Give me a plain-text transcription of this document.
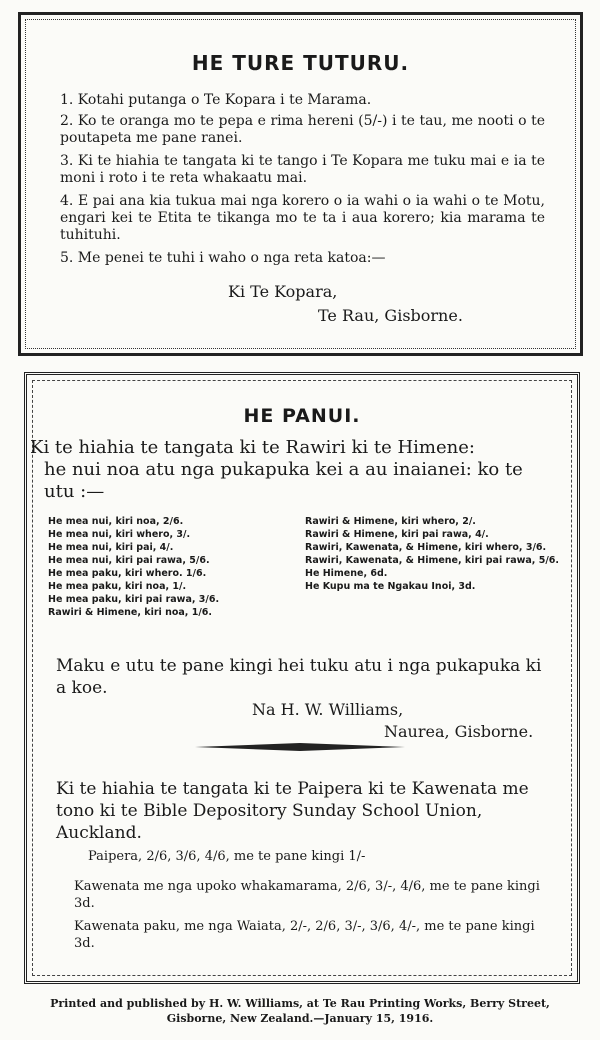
HE TURE TUTURU.
1. Kotahi putanga o Te Kopara i te Marama.
2. Ko te oranga mo te pepa e rima hereni (5/-) i te tau, me nooti o te poutapeta me pane ranei.
3. Ki te hiahia te tangata ki te tango i Te Kopara me tuku mai e ia te moni i roto i te reta whakaatu mai.
4. E pai ana kia tukua mai nga korero o ia wahi o ia wahi o te Motu, engari kei te Etita te tikanga mo te ta i aua korero; kia marama te tuhituhi.
5. Me penei te tuhi i waho o nga reta katoa:—
Ki Te Kopara,
Te Rau, Gisborne.
HE PANUI.
Ki te hiahia te tangata ki te Rawiri ki te Himene:
he nui noa atu nga pukapuka kei a au inaianei: ko te utu :—
He mea nui, kiri noa, 2/6.
He mea nui, kiri whero, 3/.
He mea nui, kiri pai, 4/.
He mea nui, kiri pai rawa, 5/6.
He mea paku, kiri whero. 1/6.
He mea paku, kiri noa, 1/.
He mea paku, kiri pai rawa, 3/6.
Rawiri & Himene, kiri noa, 1/6.
Rawiri & Himene, kiri whero, 2/.
Rawiri & Himene, kiri pai rawa, 4/.
Rawiri, Kawenata, & Himene, kiri whero, 3/6.
Rawiri, Kawenata, & Himene, kiri pai rawa, 5/6.
He Himene, 6d.
He Kupu ma te Ngakau Inoi, 3d.
Maku e utu te pane kingi hei tuku atu i nga pukapuka ki a koe.
Na H. W. Williams,
Naurea, Gisborne.
Ki te hiahia te tangata ki te Paipera ki te Kawenata me tono ki te Bible Depository Sunday School Union, Auckland.
Paipera, 2/6, 3/6, 4/6, me te pane kingi 1/-
Kawenata me nga upoko whakamarama, 2/6, 3/-, 4/6, me te pane kingi 3d.
Kawenata paku, me nga Waiata, 2/-, 2/6, 3/-, 3/6, 4/-, me te pane kingi 3d.
Printed and published by H. W. Williams, at Te Rau Printing Works, Berry Street,
Gisborne, New Zealand.—January 15, 1916.
